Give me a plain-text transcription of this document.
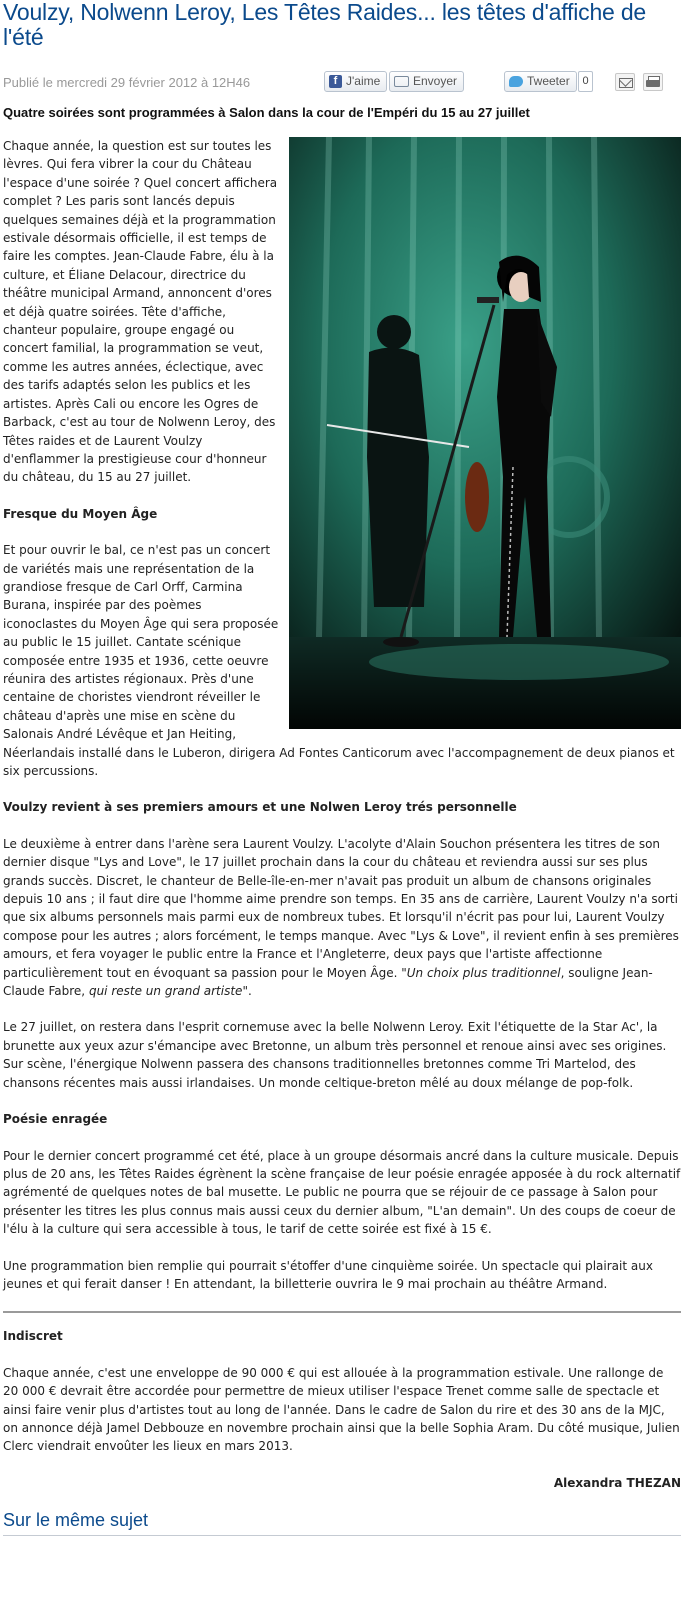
Voulzy, Nolwenn Leroy, Les Têtes Raides... les têtes d'affiche de l'été
Publié le mercredi 29 février 2012 à 12H46	f J'aime	Envoyer	Tweeter	0

Quatre soirées sont programmées à Salon dans la cour de l'Empéri du 15 au 27 juillet

Chaque année, la question est sur toutes les lèvres. Qui fera vibrer la cour du Château l'espace d'une soirée ? Quel concert affichera complet ? Les paris sont lancés depuis quelques semaines déjà et la programmation estivale désormais officielle, il est temps de faire les comptes. Jean-Claude Fabre, élu à la culture, et Éliane Delacour, directrice du théâtre municipal Armand, annoncent d'ores et déjà quatre soirées. Tête d'affiche, chanteur populaire, groupe engagé ou concert familial, la programmation se veut, comme les autres années, éclectique, avec des tarifs adaptés selon les publics et les artistes. Après Cali ou encore les Ogres de Barback, c'est au tour de Nolwenn Leroy, des Têtes raides et de Laurent Voulzy d'enflammer la prestigieuse cour d'honneur du château, du 15 au 27 juillet.

Fresque du Moyen Âge

Et pour ouvrir le bal, ce n'est pas un concert de variétés mais une représentation de la grandiose fresque de Carl Orff, Carmina Burana, inspirée par des poèmes iconoclastes du Moyen Âge qui sera proposée au public le 15 juillet. Cantate scénique composée entre 1935 et 1936, cette oeuvre réunira des artistes régionaux. Près d'une centaine de choristes viendront réveiller le château d'après une mise en scène du Salonais André Lévêque et Jan Heiting, Néerlandais installé dans le Luberon, dirigera Ad Fontes Canticorum avec l'accompagnement de deux pianos et six percussions.

Voulzy revient à ses premiers amours et une Nolwen Leroy trés personnelle

Le deuxième à entrer dans l'arène sera Laurent Voulzy. L'acolyte d'Alain Souchon présentera les titres de son dernier disque "Lys and Love", le 17 juillet prochain dans la cour du château et reviendra aussi sur ses plus grands succès. Discret, le chanteur de Belle-île-en-mer n'avait pas produit un album de chansons originales depuis 10 ans ; il faut dire que l'homme aime prendre son temps. En 35 ans de carrière, Laurent Voulzy n'a sorti que six albums personnels mais parmi eux de nombreux tubes. Et lorsqu'il n'écrit pas pour lui, Laurent Voulzy compose pour les autres ; alors forcément, le temps manque. Avec "Lys & Love", il revient enfin à ses premières amours, et fera voyager le public entre la France et l'Angleterre, deux pays que l'artiste affectionne particulièrement tout en évoquant sa passion pour le Moyen Âge. "Un choix plus traditionnel, souligne Jean-Claude Fabre, qui reste un grand artiste".

Le 27 juillet, on restera dans l'esprit cornemuse avec la belle Nolwenn Leroy. Exit l'étiquette de la Star Ac', la brunette aux yeux azur s'émancipe avec Bretonne, un album très personnel et renoue ainsi avec ses origines. Sur scène, l'énergique Nolwenn passera des chansons traditionnelles bretonnes comme Tri Martelod, des chansons récentes mais aussi irlandaises. Un monde celtique-breton mêlé au doux mélange de pop-folk.

Poésie enragée

Pour le dernier concert programmé cet été, place à un groupe désormais ancré dans la culture musicale. Depuis plus de 20 ans, les Têtes Raides égrènent la scène française de leur poésie enragée apposée à du rock alternatif agrémenté de quelques notes de bal musette. Le public ne pourra que se réjouir de ce passage à Salon pour présenter les titres les plus connus mais aussi ceux du dernier album, "L'an demain". Un des coups de coeur de l'élu à la culture qui sera accessible à tous, le tarif de cette soirée est fixé à 15 €.

Une programmation bien remplie qui pourrait s'étoffer d'une cinquième soirée. Un spectacle qui plairait aux jeunes et qui ferait danser ! En attendant, la billetterie ouvrira le 9 mai prochain au théâtre Armand.

Indiscret

Chaque année, c'est une enveloppe de 90 000 € qui est allouée à la programmation estivale. Une rallonge de 20 000 € devrait être accordée pour permettre de mieux utiliser l'espace Trenet comme salle de spectacle et ainsi faire venir plus d'artistes tout au long de l'année. Dans le cadre de Salon du rire et des 30 ans de la MJC, on annonce déjà Jamel Debbouze en novembre prochain ainsi que la belle Sophia Aram. Du côté musique, Julien Clerc viendrait envoûter les lieux en mars 2013.

Alexandra THEZAN
Sur le même sujet
